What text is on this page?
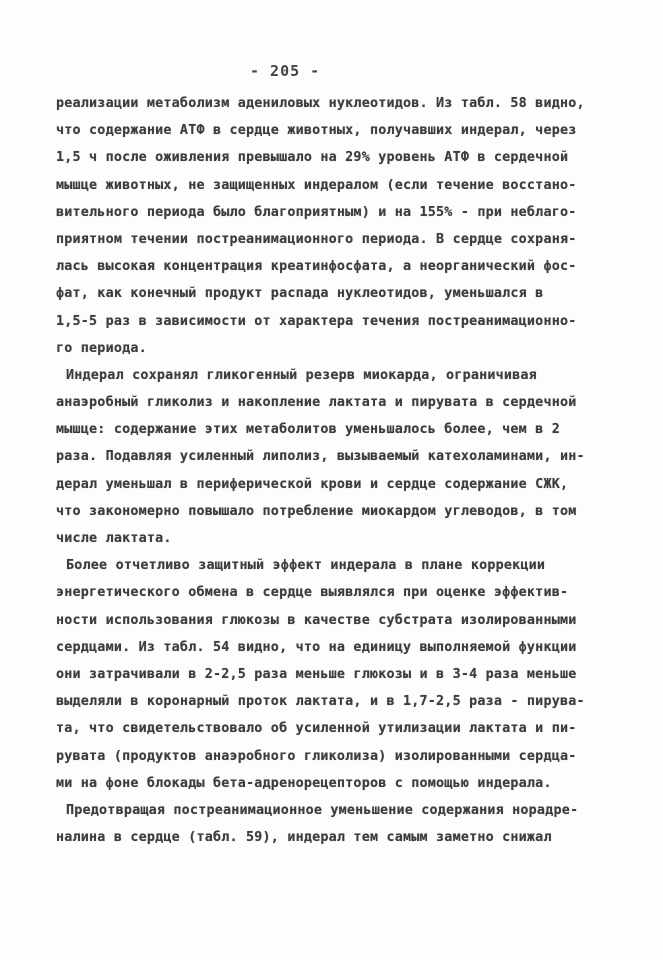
- 205 -
реализации метаболизм адениловых нуклеотидов. Из табл. 58 видно,
что содержание АТФ в сердце животных, получавших индерал, через
1,5 ч после оживления превышало на 29% уровень АТФ в сердечной
мышце животных, не защищенных индералом (если течение восстано-
вительного периода было благоприятным) и на 155% - при неблаго-
приятном течении постреанимационного периода. В сердце сохраня-
лась высокая концентрация креатинфосфата, а неорганический фос-
фат, как конечный продукт распада нуклеотидов, уменьшался в
1,5-5 раз в зависимости от характера течения постреанимационно-
го периода.
Индерал сохранял гликогенный резерв миокарда, ограничивая
анаэробный гликолиз и накопление лактата и пирувата в сердечной
мышце: содержание этих метаболитов уменьшалось более, чем в 2
раза. Подавляя усиленный липолиз, вызываемый катехоламинами, ин-
дерал уменьшал в периферической крови и сердце содержание СЖК,
что закономерно повышало потребление миокардом углеводов, в том
числе лактата.
Более отчетливо защитный эффект индерала в плане коррекции
энергетического обмена в сердце выявлялся при оценке эффектив-
ности использования глюкозы в качестве субстрата изолированными
сердцами. Из табл. 54 видно, что на единицу выполняемой функции
они затрачивали в 2-2,5 раза меньше глюкозы и в 3-4 раза меньше
выделяли в коронарный проток лактата, и в 1,7-2,5 раза - пирува-
та, что свидетельствовало об усиленной утилизации лактата и пи-
рувата (продуктов анаэробного гликолиза) изолированными сердца-
ми на фоне блокады бета-адренорецепторов с помощью индерала.
Предотвращая постреанимационное уменьшение содержания норадре-
налина в сердце (табл. 59), индерал тем самым заметно снижал
